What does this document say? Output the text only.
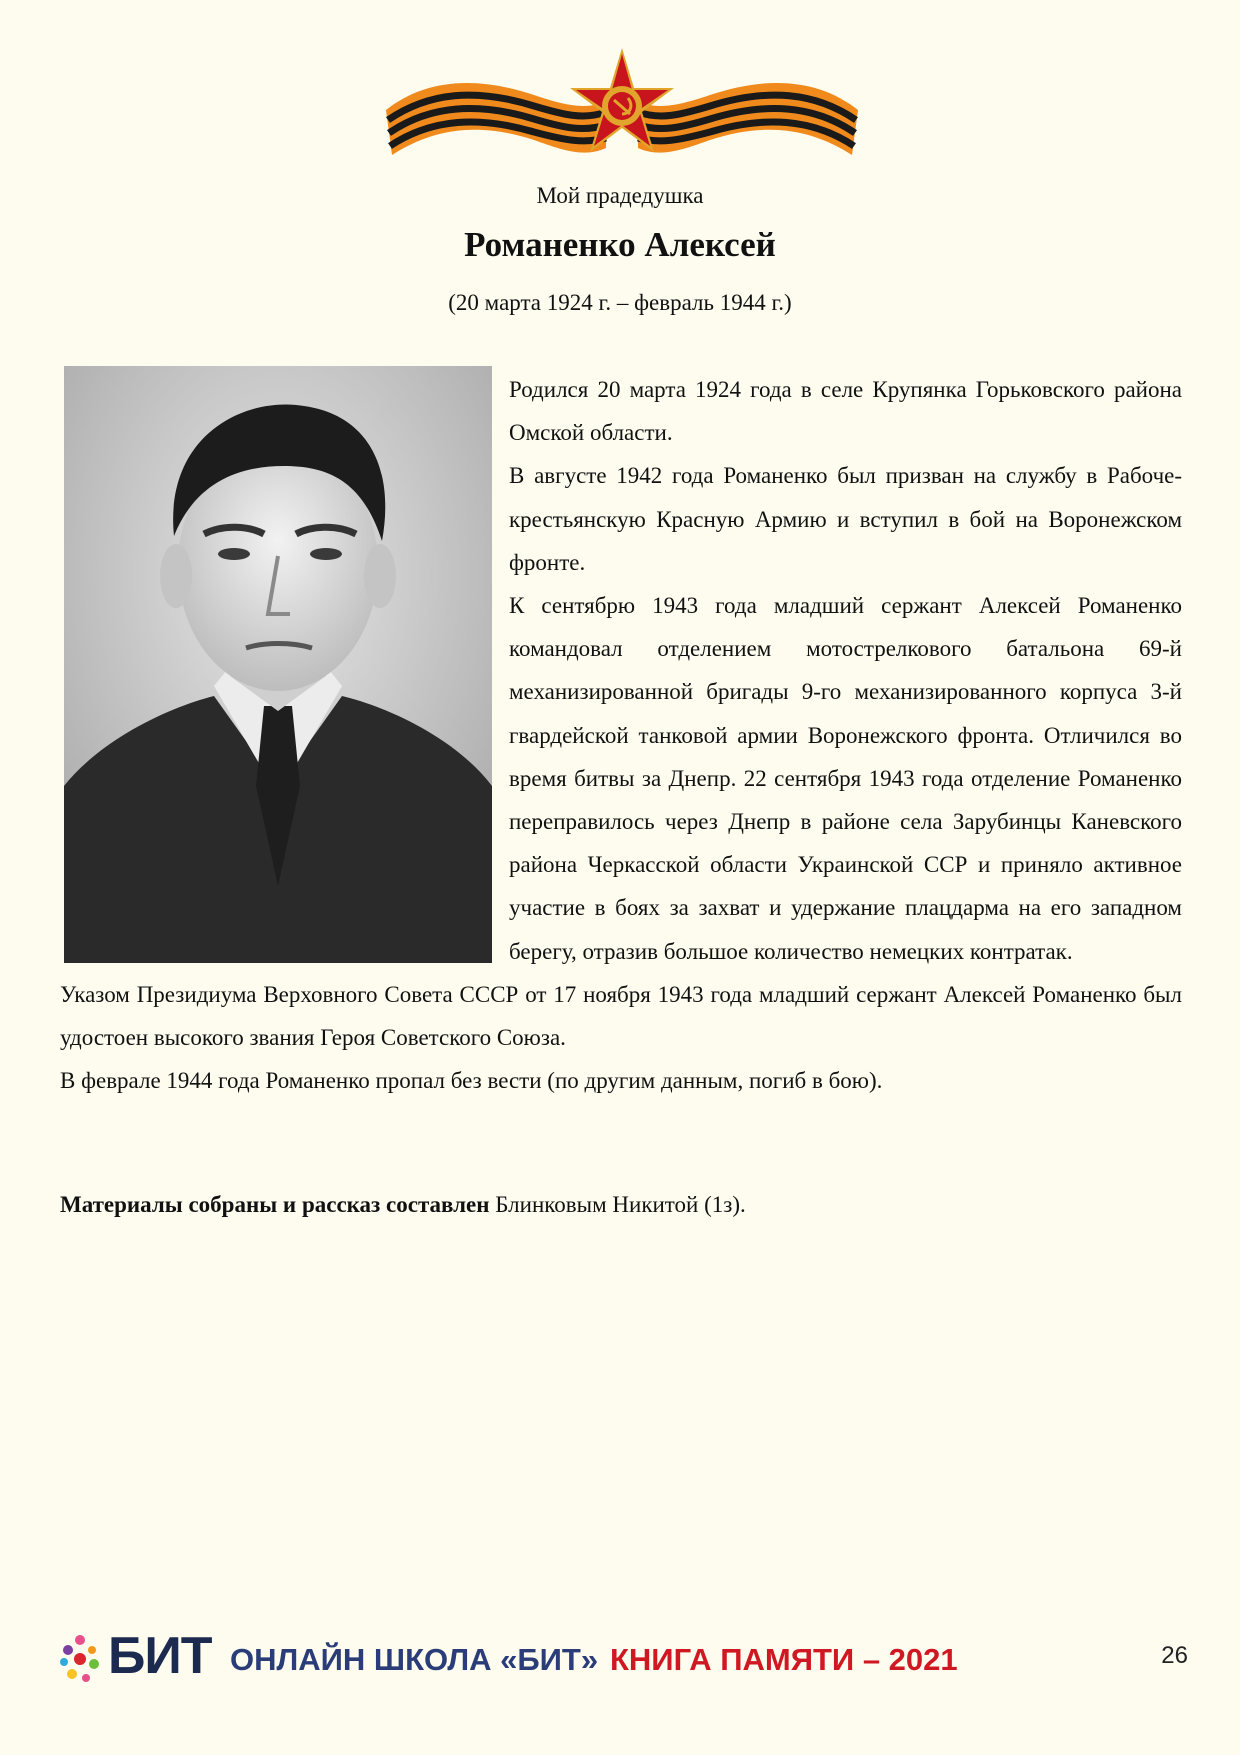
Мой прадедушка
Романенко Алексей
(20 марта 1924 г. – февраль 1944 г.)

Родился 20 марта 1924 года в селе Крупянка Горьковского района Омской области.

В августе 1942 года Романенко был призван на службу в Рабоче-крестьянскую Красную Армию и вступил в бой на Воронежском фронте.

К сентябрю 1943 года младший сержант Алексей Романенко командовал отделением мотострелкового батальона 69-й механизированной бригады 9-го механизированного корпуса 3-й гвардейской танковой армии Воронежского фронта. Отличился во время битвы за Днепр. 22 сентября 1943 года отделение Романенко переправилось через Днепр в районе села Зарубинцы Каневского района Черкасской области Украинской ССР и приняло активное участие в боях за захват и удержание плацдарма на его западном берегу, отразив большое количество немецких контратак.

Указом Президиума Верховного Совета СССР от 17 ноября 1943 года младший сержант Алексей Романенко был удостоен высокого звания Героя Советского Союза.

В феврале 1944 года Романенко пропал без вести (по другим данным, погиб в бою).

Материалы собраны и рассказ составлен Блинковым Никитой (1з).
БИТ ОНЛАЙН ШКОЛА «БИТ» КНИГА ПАМЯТИ – 2021	26
